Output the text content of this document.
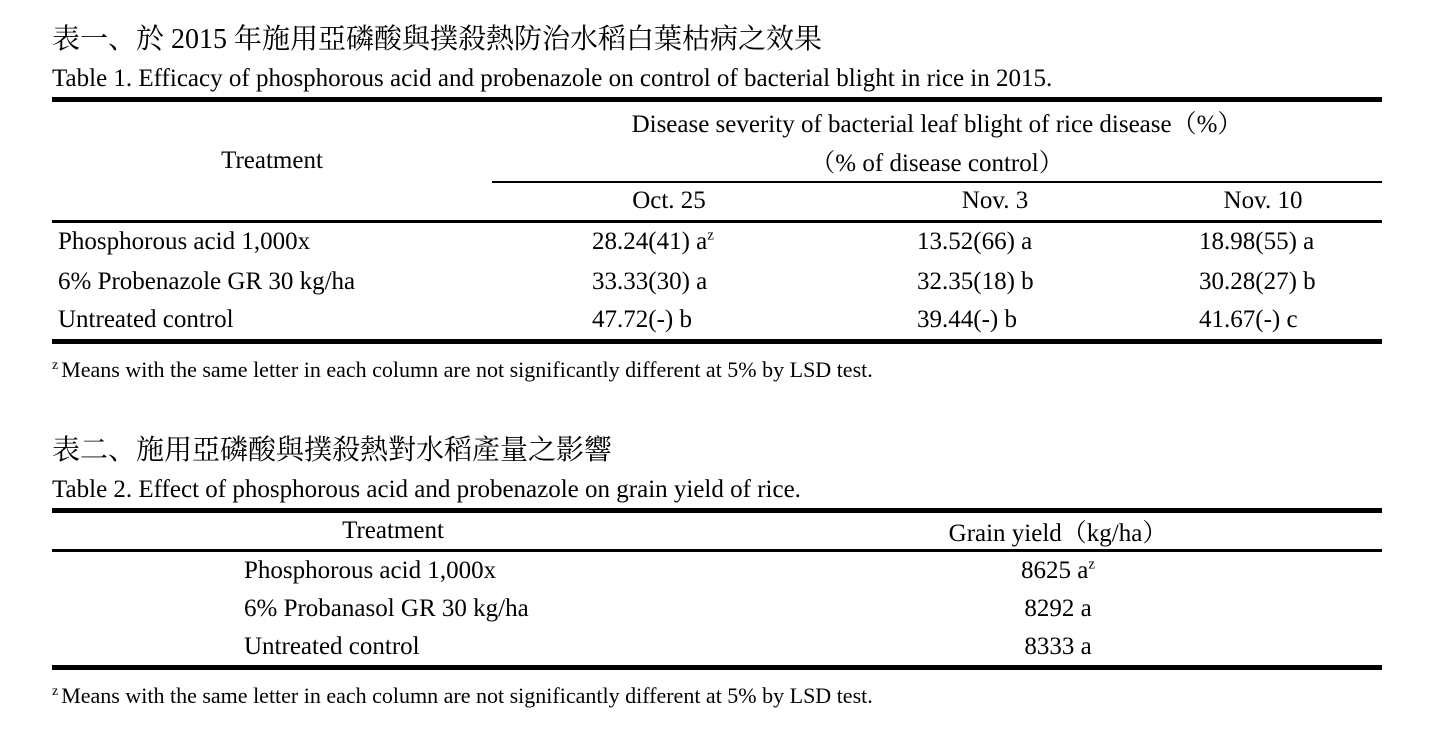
表一、於 2015 年施用亞磷酸與撲殺熱防治水稻白葉枯病之效果
Table 1. Efficacy of phosphorous acid and probenazole on control of bacterial blight in rice in 2015.
Treatment	Disease severity of bacterial leaf blight of rice disease（%）		
	（% of disease control）		
	Oct. 25	Nov. 3	Nov. 10
Phosphorous acid 1,000x	28.24(41) $a^z$	13.52(66) a	18.98(55) a
6% Probenazole GR 30 kg/ha	33.33(30) a	32.35(18) b	30.28(27) b
Untreated control	47.72(-) b	39.44(-) b	41.67(-) c
$^z$ Means with the same letter in each column are not significantly different at 5% by LSD test.
表二、施用亞磷酸與撲殺熱對水稻產量之影響
Table 2. Effect of phosphorous acid and probenazole on grain yield of rice.
Treatment	Grain yield（kg/ha）
Phosphorous acid 1,000x	8625 $a^z$
6% Probanasol GR 30 kg/ha	8292 a
Untreated control	8333 a
$^z$ Means with the same letter in each column are not significantly different at 5% by LSD test.
